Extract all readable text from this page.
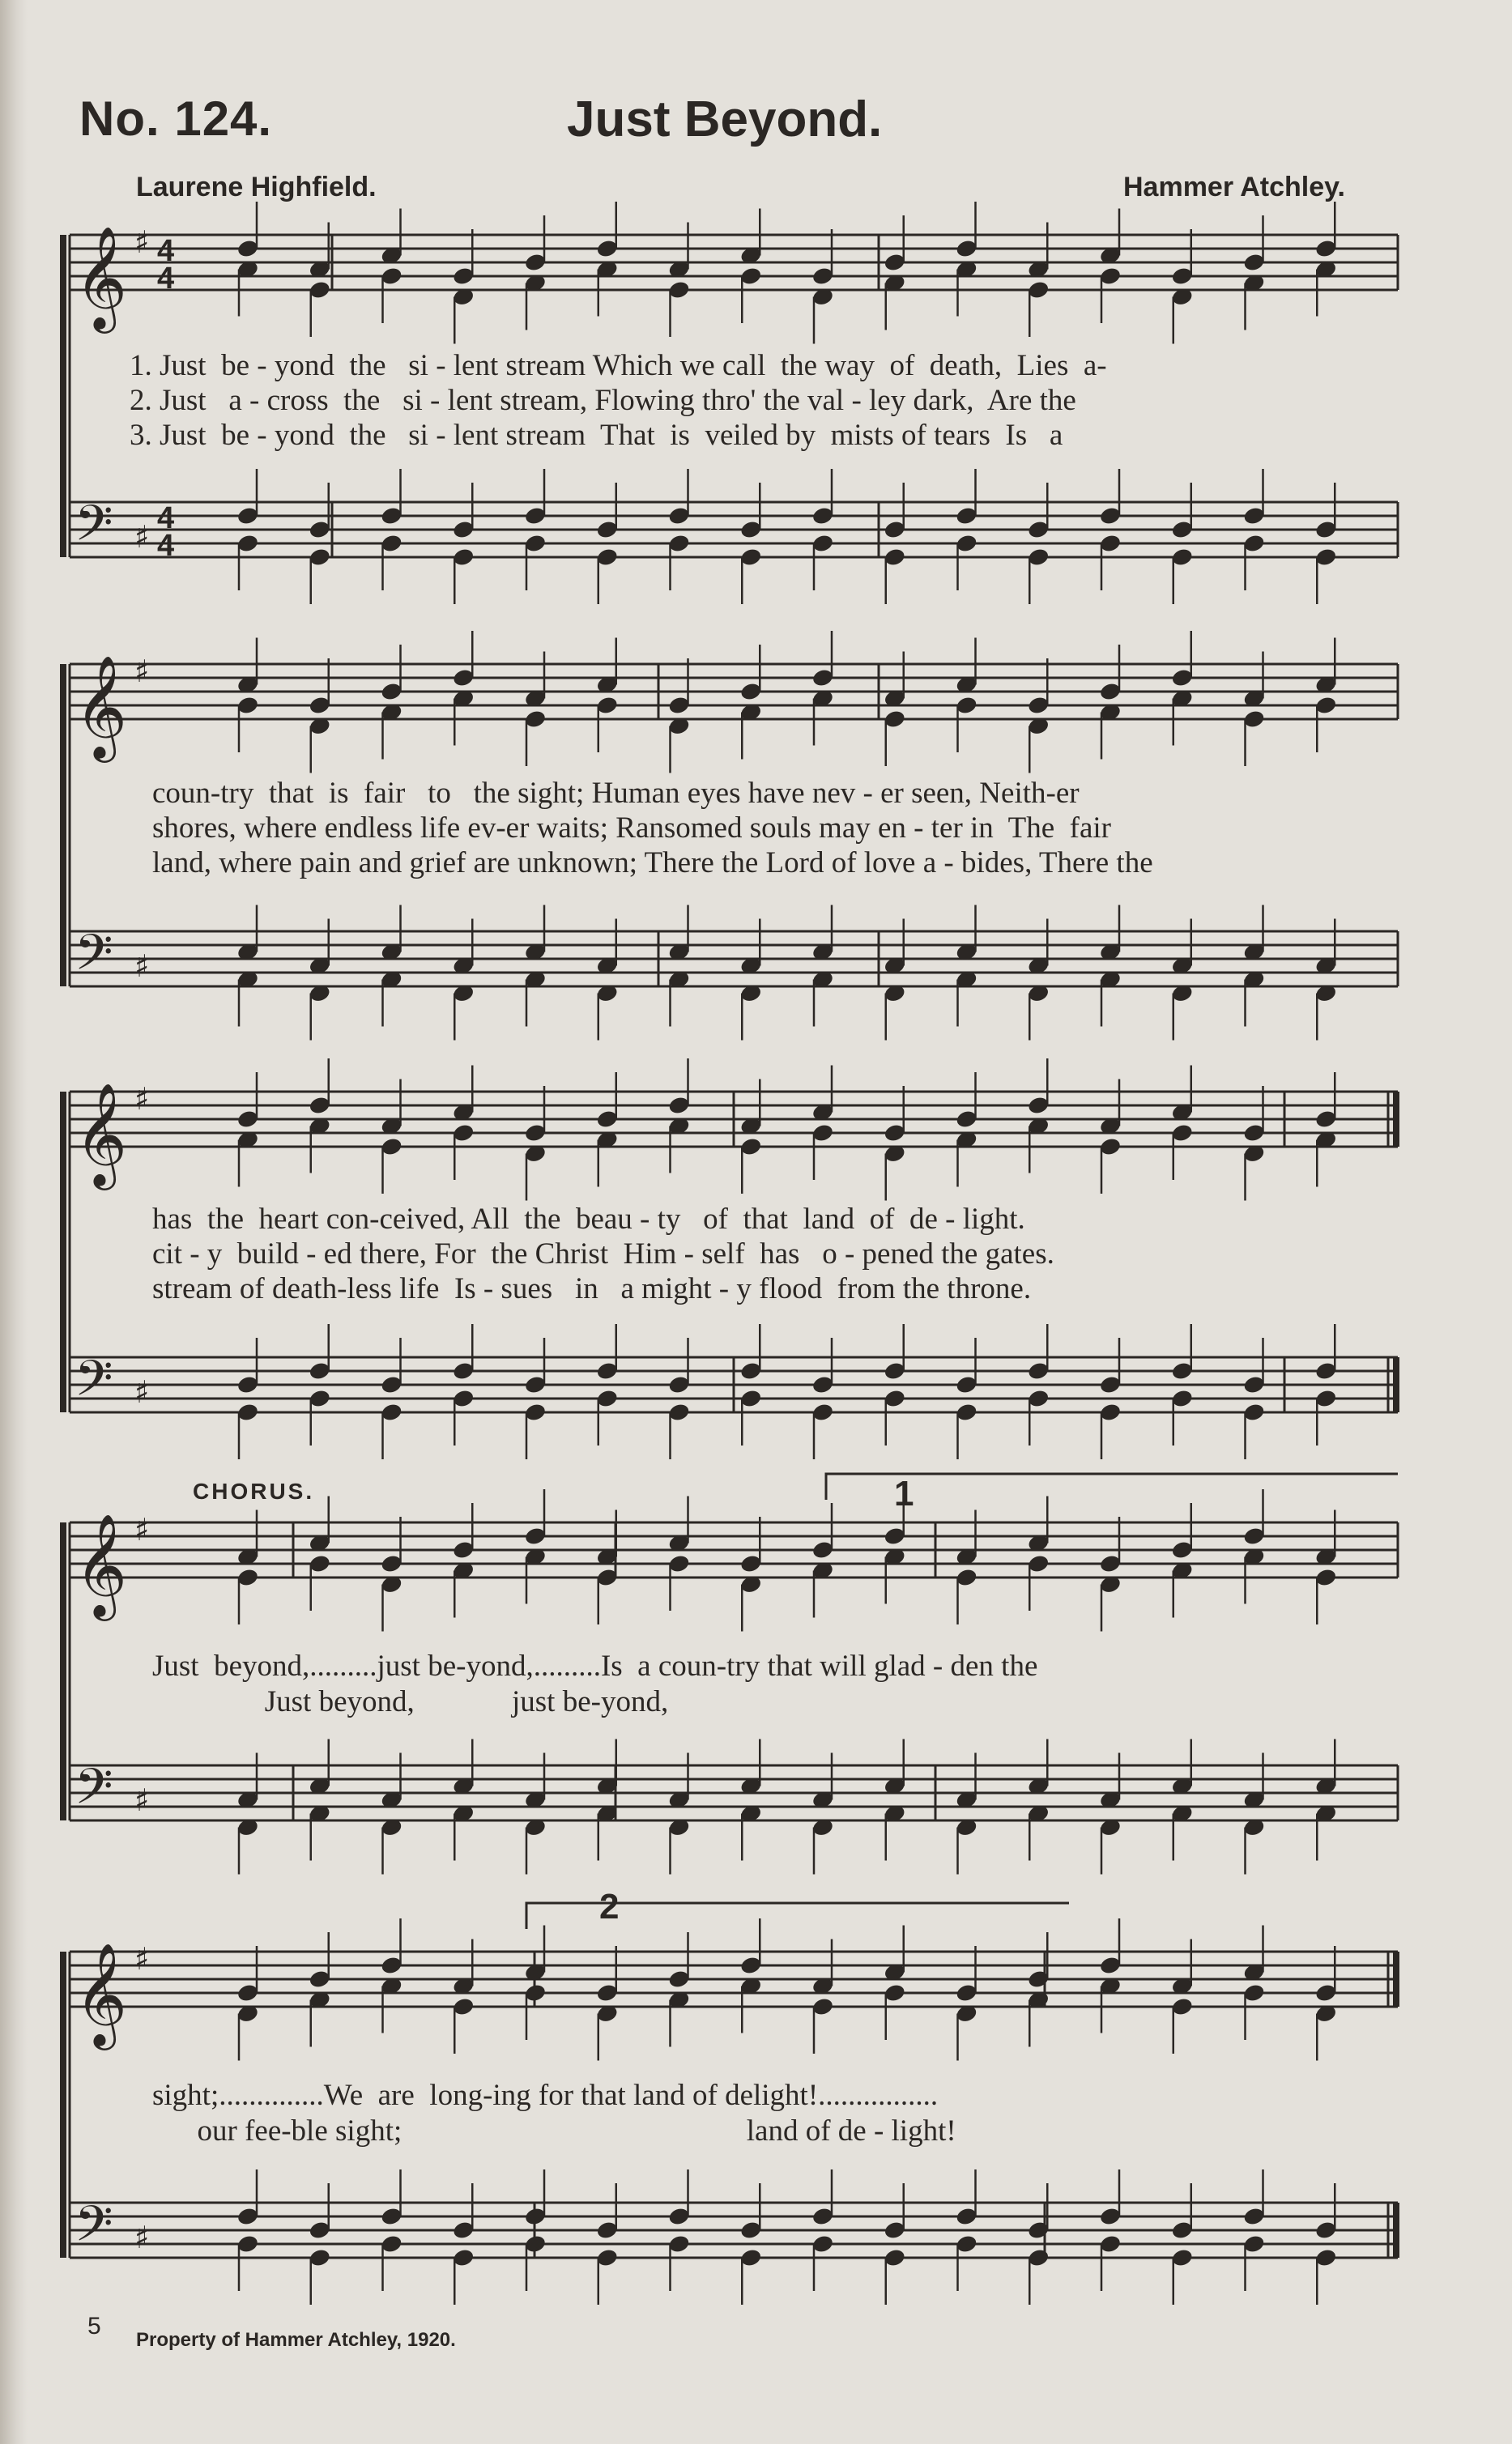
No. 124.	Just Beyond.
Laurene Highfield.	Hammer Atchley.
𝄞
𝄢
♯
♯
4
4
4
4
𝄞
𝄢
♯
♯
𝄞
𝄢
♯
♯
𝄞
𝄢
♯
♯
𝄞
𝄢
♯
♯
1. Just  be - yond  the   si - lent stream Which we call  the way  of  death,  Lies  a-
2. Just   a - cross  the   si - lent stream, Flowing thro' the val - ley dark,  Are the
3. Just  be - yond  the   si - lent stream  That  is  veiled by  mists of tears  Is   a
coun-try  that  is  fair   to   the sight; Human eyes have nev - er seen, Neith-er
shores, where endless life ev-er waits; Ransomed souls may en - ter in  The  fair
land, where pain and grief are unknown; There the Lord of love a - bides, There the
has  the  heart con-ceived, All  the  beau - ty   of  that  land  of  de - light.
cit - y  build - ed there, For  the Christ  Him - self  has   o - pened the gates.
stream of death-less life  Is - sues   in   a might - y flood  from the throne.
CHORUS.	1
Just  beyond,.........just be-yond,.........Is  a coun-try that will glad - den the
Just beyond,             just be-yond,
2
sight;..............We  are  long-ing for that land of delight!................
our fee-ble sight;                                              land of de - light!
5
Property of Hammer Atchley, 1920.
